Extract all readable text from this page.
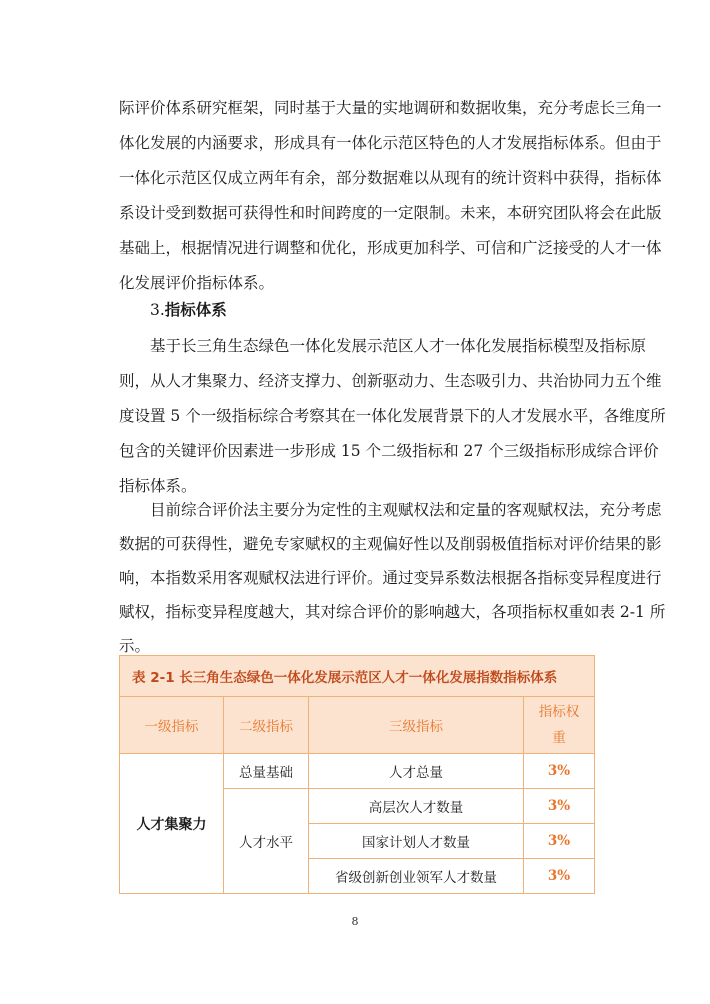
际评价体系研究框架，同时基于大量的实地调研和数据收集，充分考虑长三角一
体化发展的内涵要求，形成具有一体化示范区特色的人才发展指标体系。但由于
一体化示范区仅成立两年有余，部分数据难以从现有的统计资料中获得，指标体
系设计受到数据可获得性和时间跨度的一定限制。未来，本研究团队将会在此版
基础上，根据情况进行调整和优化，形成更加科学、可信和广泛接受的人才一体
化发展评价指标体系。
3.指标体系
基于长三角生态绿色一体化发展示范区人才一体化发展指标模型及指标原
则，从人才集聚力、经济支撑力、创新驱动力、生态吸引力、共治协同力五个维
度设置 5 个一级指标综合考察其在一体化发展背景下的人才发展水平，各维度所
包含的关键评价因素进一步形成 15 个二级指标和 27 个三级指标形成综合评价
指标体系。
目前综合评价法主要分为定性的主观赋权法和定量的客观赋权法，充分考虑
数据的可获得性，避免专家赋权的主观偏好性以及削弱极值指标对评价结果的影
响，本指数采用客观赋权法进行评价。通过变异系数法根据各指标变异程度进行
赋权，指标变异程度越大，其对综合评价的影响越大，各项指标权重如表 2-1 所
示。
表 2-1 长三角生态绿色一体化发展示范区人才一体化发展指数指标体系			
一级指标	二级指标	三级指标	指标权
重
人才集聚力	总量基础	人才总量	3%
	人才水平	高层次人才数量	3%
		国家计划人才数量	3%
		省级创新创业领军人才数量	3%
8
